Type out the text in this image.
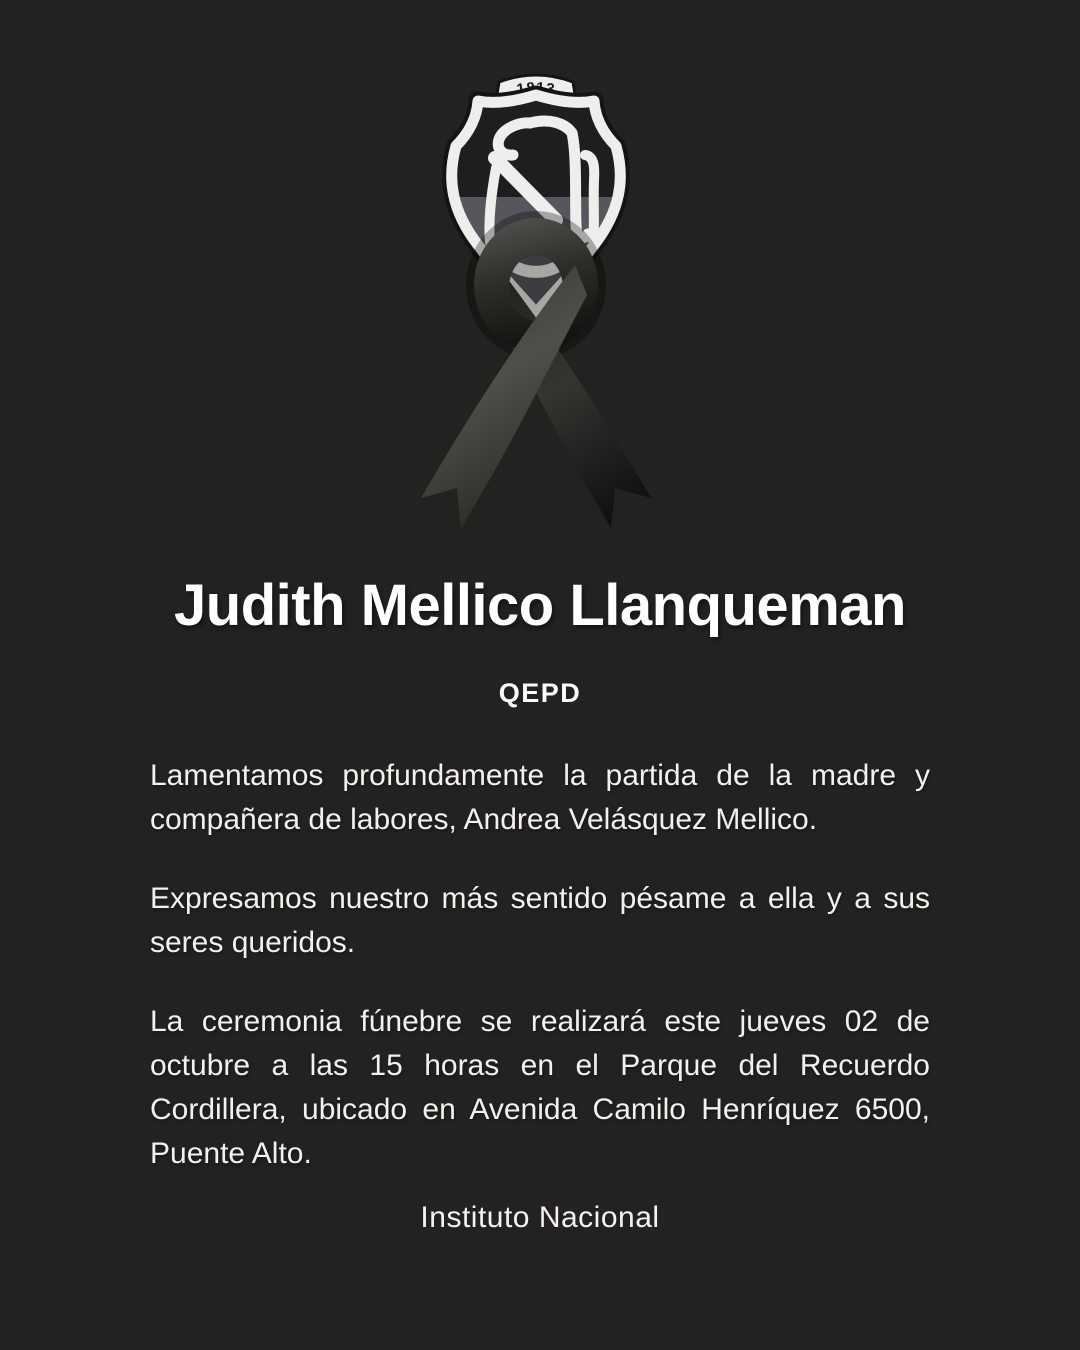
1813
Judith Mellico Llanqueman
QEPD

Lamentamos profundamente la partida de la madre y compañera de labores, Andrea Velásquez Mellico.

Expresamos nuestro más sentido pésame a ella y a sus seres queridos.

La ceremonia fúnebre se realizará este jueves 02 de octubre a las 15 horas en el Parque del Recuerdo Cordillera, ubicado en Avenida Camilo Henríquez 6500, Puente Alto.

Instituto Nacional
